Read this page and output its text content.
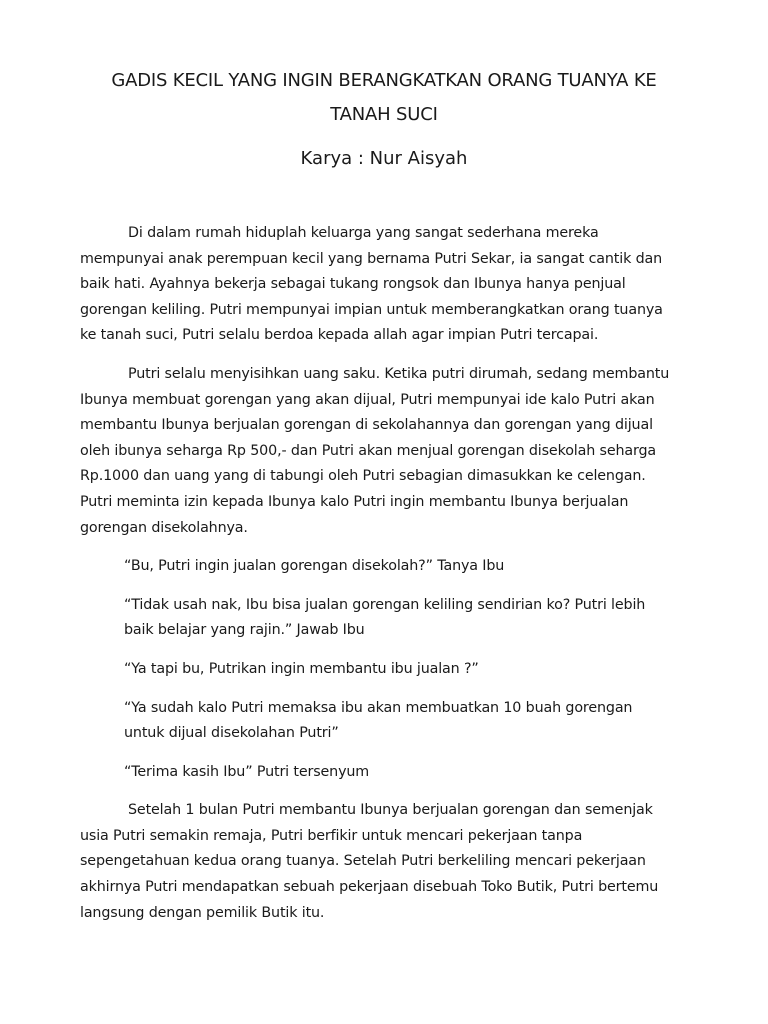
GADIS KECIL YANG INGIN BERANGKATKAN ORANG TUANYA KE
TANAH SUCI
Karya : Nur Aisyah

Di dalam rumah hiduplah keluarga yang sangat sederhana mereka
mempunyai anak perempuan kecil yang bernama Putri Sekar, ia sangat cantik dan
baik hati. Ayahnya bekerja sebagai tukang rongsok dan Ibunya hanya penjual
gorengan keliling. Putri mempunyai impian untuk memberangkatkan orang tuanya
ke tanah suci, Putri selalu berdoa kepada allah agar impian Putri tercapai.

Putri selalu menyisihkan uang saku. Ketika putri dirumah, sedang membantu
Ibunya membuat gorengan yang akan dijual, Putri mempunyai ide kalo Putri akan
membantu Ibunya berjualan gorengan di sekolahannya dan gorengan yang dijual
oleh ibunya seharga Rp 500,- dan Putri akan menjual gorengan disekolah seharga
Rp.1000 dan uang yang di tabungi oleh Putri sebagian dimasukkan ke celengan.
Putri meminta izin kepada Ibunya kalo Putri ingin membantu Ibunya berjualan
gorengan disekolahnya.

“Bu, Putri ingin jualan gorengan disekolah?” Tanya Ibu

“Tidak usah nak, Ibu bisa jualan gorengan keliling sendirian ko? Putri lebih
baik belajar yang rajin.” Jawab Ibu

“Ya tapi bu, Putrikan ingin membantu ibu jualan ?”

“Ya sudah kalo Putri memaksa ibu akan membuatkan 10 buah gorengan
untuk dijual disekolahan Putri”

“Terima kasih Ibu” Putri tersenyum

Setelah 1 bulan Putri membantu Ibunya berjualan gorengan dan semenjak
usia Putri semakin remaja, Putri berfikir untuk mencari pekerjaan tanpa
sepengetahuan kedua orang tuanya. Setelah Putri berkeliling mencari pekerjaan
akhirnya Putri mendapatkan sebuah pekerjaan disebuah Toko Butik, Putri bertemu
langsung dengan pemilik Butik itu.
